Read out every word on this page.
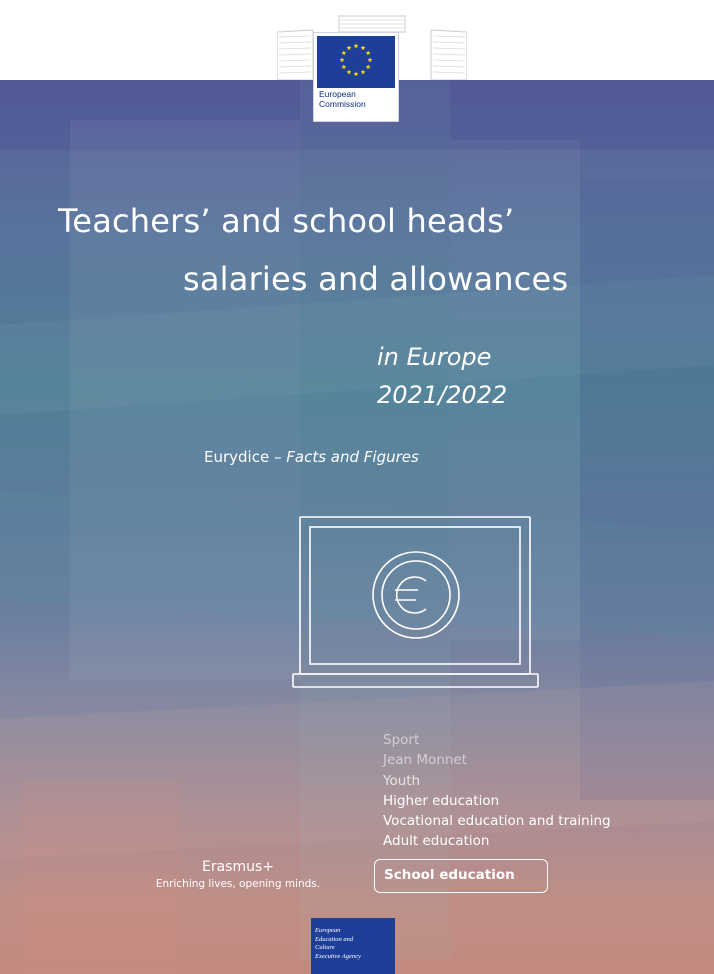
European
Commission
Teachers’ and school heads’
salaries and allowances
in Europe
2021/2022
Eurydice – Facts and Figures
Sport
Jean Monnet
Youth
Higher education
Vocational education and training
Adult education
School education
Erasmus+
Enriching lives, opening minds.
European
Education and
Culture
Executive Agency
